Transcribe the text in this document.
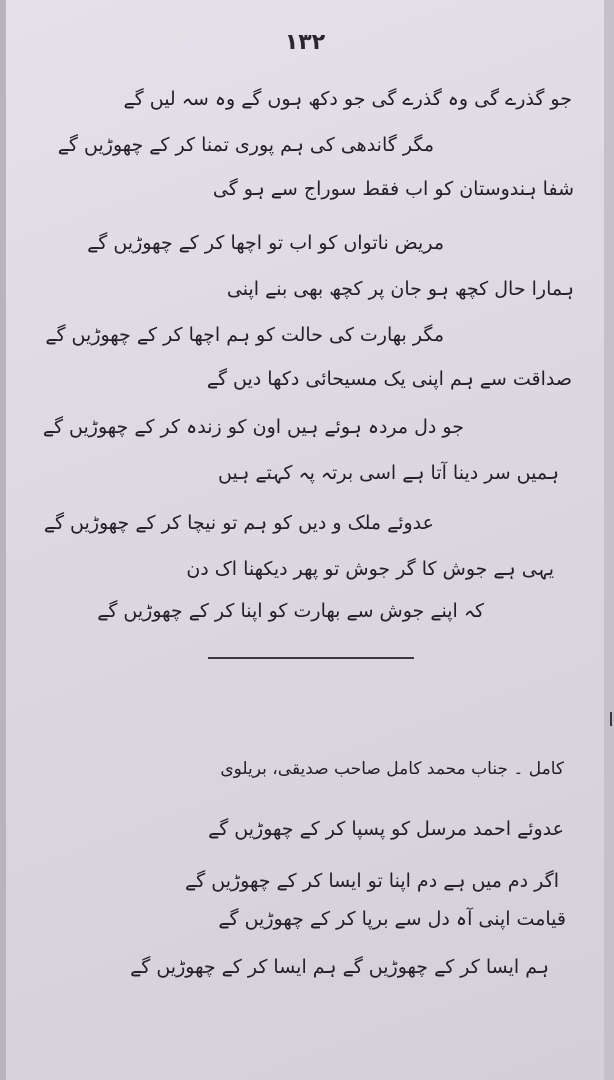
۱۳۲
جو گذرے گی وہ گذرے گی جو دکھ ہوں گے وہ سہ لیں گے
مگر گاندھی کی ہم پوری تمنا کر کے چھوڑیں گے
شفا ہندوستان کو اب فقط سوراج سے ہو گی
مریض ناتواں کو اب تو اچھا کر کے چھوڑیں گے
ہمارا حال کچھ ہو جان پر کچھ بھی بنے اپنی
مگر بھارت کی حالت کو ہم اچھا کر کے چھوڑیں گے
صداقت سے ہم اپنی یک مسیحائی دکھا دیں گے
جو دل مردہ ہوئے ہیں اون کو زندہ کر کے چھوڑیں گے
ہمیں سر دینا آتا ہے اسی برتہ پہ کہتے ہیں
عدوئے ملک و دیں کو ہم تو نیچا کر کے چھوڑیں گے
یہی ہے جوش کا گر جوش تو پھر دیکھنا اک دن
کہ اپنے جوش سے بھارت کو اپنا کر کے چھوڑیں گے
کامل ۔ جناب محمد کامل صاحب صدیقی، بریلوی
عدوئے احمد مرسل کو پسپا کر کے چھوڑیں گے
اگر دم میں ہے دم اپنا تو ایسا کر کے چھوڑیں گے
قیامت اپنی آہ دل سے برپا کر کے چھوڑیں گے
ہم ایسا کر کے چھوڑیں گے ہم ایسا کر کے چھوڑیں گے
